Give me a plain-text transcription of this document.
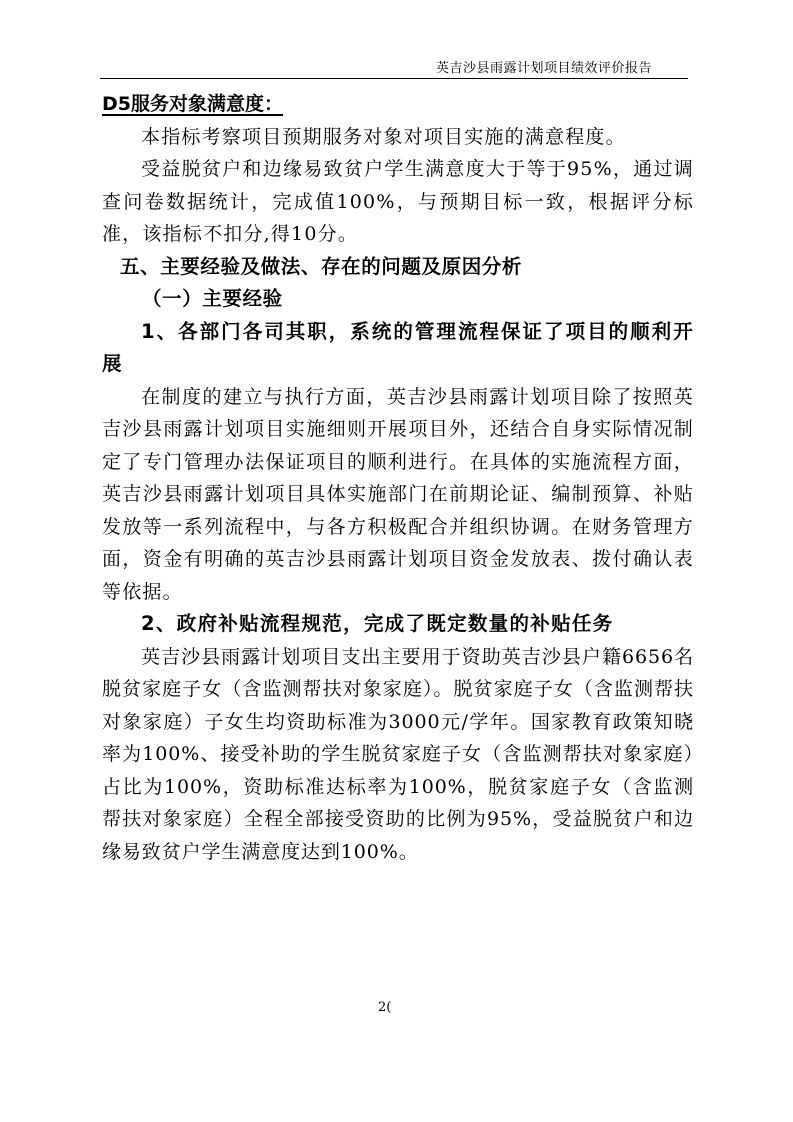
英吉沙县雨露计划项目绩效评价报告

D5服务对象满意度：

本指标考察项目预期服务对象对项目实施的满意程度。

受益脱贫户和边缘易致贫户学生满意度大于等于95%，通过调查问卷数据统计，完成值100%，与预期目标一致，根据评分标准，该指标不扣分,得10分。

五、主要经验及做法、存在的问题及原因分析

（一）主要经验

1、各部门各司其职，系统的管理流程保证了项目的顺利开展

在制度的建立与执行方面，英吉沙县雨露计划项目除了按照英吉沙县雨露计划项目实施细则开展项目外，还结合自身实际情况制定了专门管理办法保证项目的顺利进行。在具体的实施流程方面，英吉沙县雨露计划项目具体实施部门在前期论证、编制预算、补贴发放等一系列流程中，与各方积极配合并组织协调。在财务管理方面，资金有明确的英吉沙县雨露计划项目资金发放表、拨付确认表等依据。

2、政府补贴流程规范，完成了既定数量的补贴任务

英吉沙县雨露计划项目支出主要用于资助英吉沙县户籍6656名脱贫家庭子女（含监测帮扶对象家庭）。脱贫家庭子女（含监测帮扶对象家庭）子女生均资助标准为3000元/学年。国家教育政策知晓率为100%、接受补助的学生脱贫家庭子女（含监测帮扶对象家庭）占比为100%，资助标准达标率为100%，脱贫家庭子女（含监测帮扶对象家庭）全程全部接受资助的比例为95%，受益脱贫户和边缘易致贫户学生满意度达到100%。

2(
